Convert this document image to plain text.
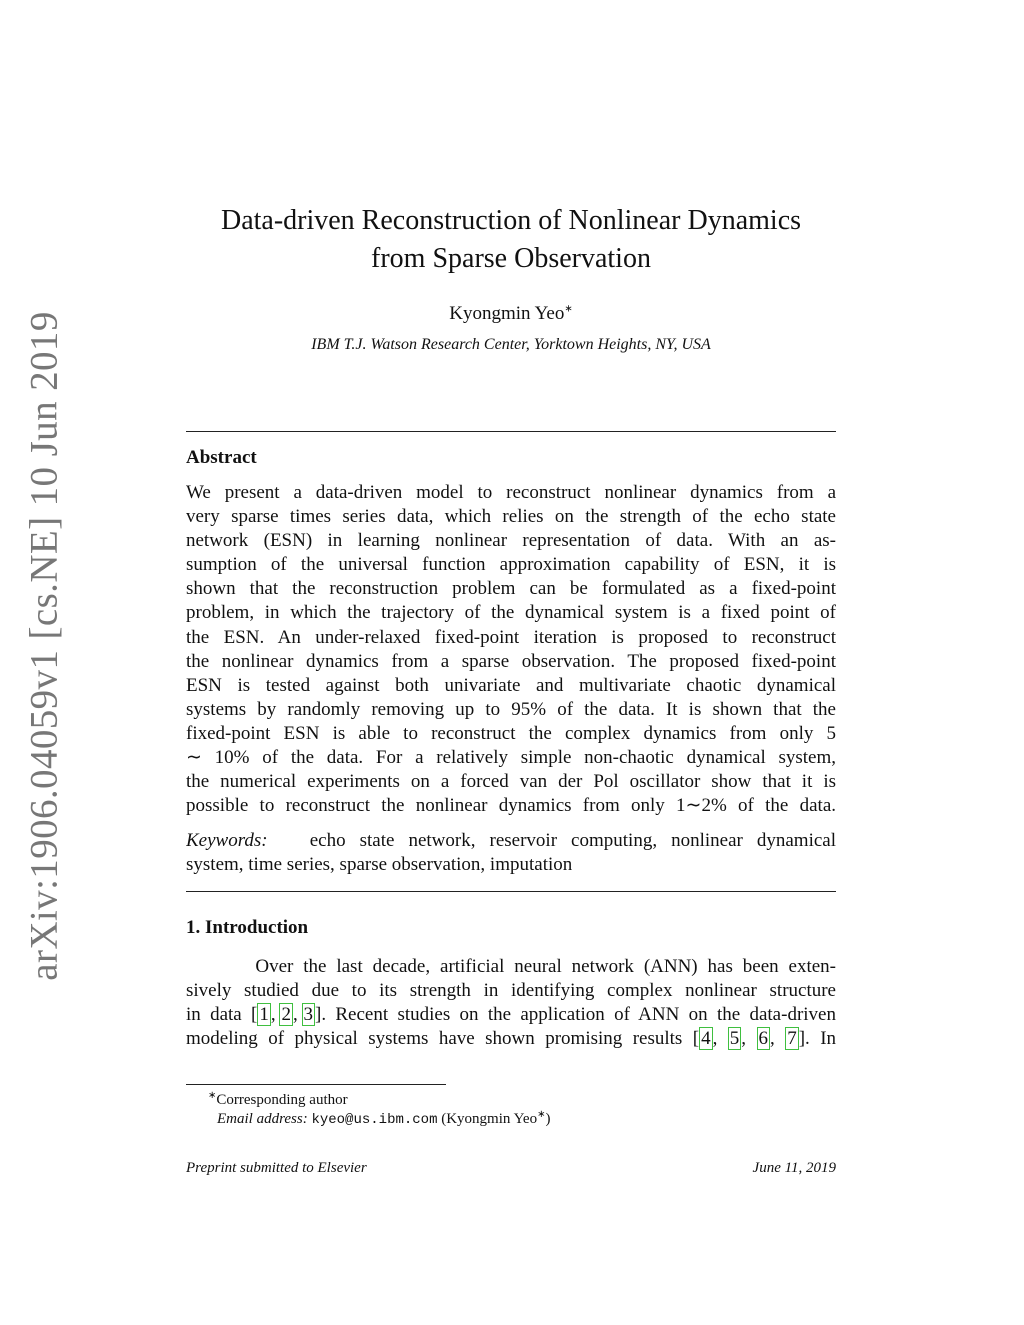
arXiv:1906.04059v1 [cs.NE] 10 Jun 2019
Data-driven Reconstruction of Nonlinear Dynamics
from Sparse Observation
Kyongmin Yeo∗
IBM T.J. Watson Research Center, Yorktown Heights, NY, USA
Abstract
We present a data-driven model to reconstruct nonlinear dynamics from a
very sparse times series data, which relies on the strength of the echo state
network (ESN) in learning nonlinear representation of data. With an as-
sumption of the universal function approximation capability of ESN, it is
shown that the reconstruction problem can be formulated as a fixed-point
problem, in which the trajectory of the dynamical system is a fixed point of
the ESN. An under-relaxed fixed-point iteration is proposed to reconstruct
the nonlinear dynamics from a sparse observation. The proposed fixed-point
ESN is tested against both univariate and multivariate chaotic dynamical
systems by randomly removing up to 95% of the data. It is shown that the
fixed-point ESN is able to reconstruct the complex dynamics from only 5
∼ 10% of the data. For a relatively simple non-chaotic dynamical system,
the numerical experiments on a forced van der Pol oscillator show that it is
possible to reconstruct the nonlinear dynamics from only 1∼2% of the data.
Keywords: echo state network, reservoir computing, nonlinear dynamical
system, time series, sparse observation, imputation
1. Introduction
Over the last decade, artificial neural network (ANN) has been exten-
sively studied due to its strength in identifying complex nonlinear structure
in data [ 1 , 2 , 3 ]. Recent studies on the application of ANN on the data-driven
modeling of physical systems have shown promising results [ 4 , 5 , 6 , 7 ]. In
∗Corresponding author
Email address: kyeo@us.ibm.com (Kyongmin Yeo∗)
Preprint submitted to Elsevier	June 11, 2019
